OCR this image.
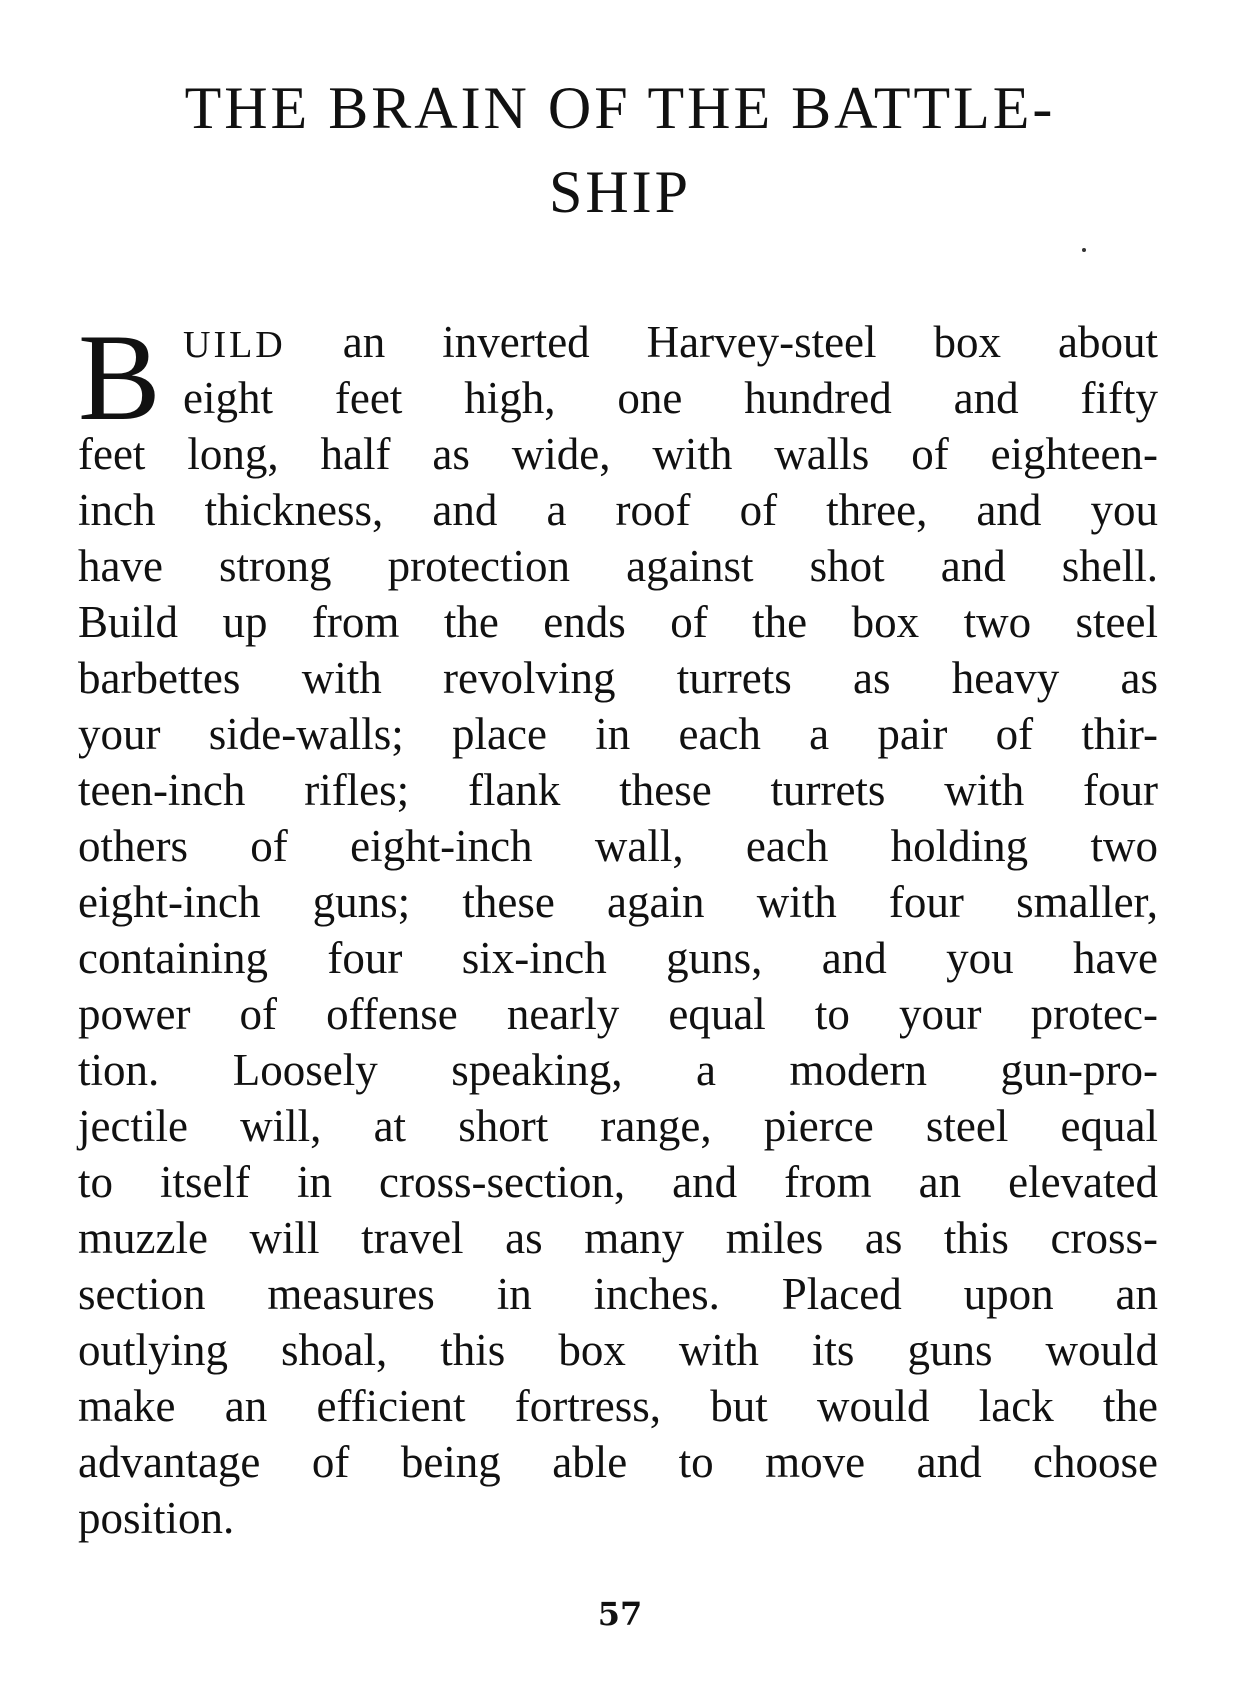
THE BRAIN OF THE BATTLE-
SHIP
B UILD an inverted Harvey-steel box about
eight feet high, one hundred and fifty
feet long, half as wide, with walls of eighteen-
inch thickness, and a roof of three, and you
have strong protection against shot and shell.
Build up from the ends of the box two steel
barbettes with revolving turrets as heavy as
your side-walls; place in each a pair of thir-
teen-inch rifles; flank these turrets with four
others of eight-inch wall, each holding two
eight-inch guns; these again with four smaller,
containing four six-inch guns, and you have
power of offense nearly equal to your protec-
tion. Loosely speaking, a modern gun-pro-
jectile will, at short range, pierce steel equal
to itself in cross-section, and from an elevated
muzzle will travel as many miles as this cross-
section measures in inches. Placed upon an
outlying shoal, this box with its guns would
make an efficient fortress, but would lack the
advantage of being able to move and choose
position.
57
